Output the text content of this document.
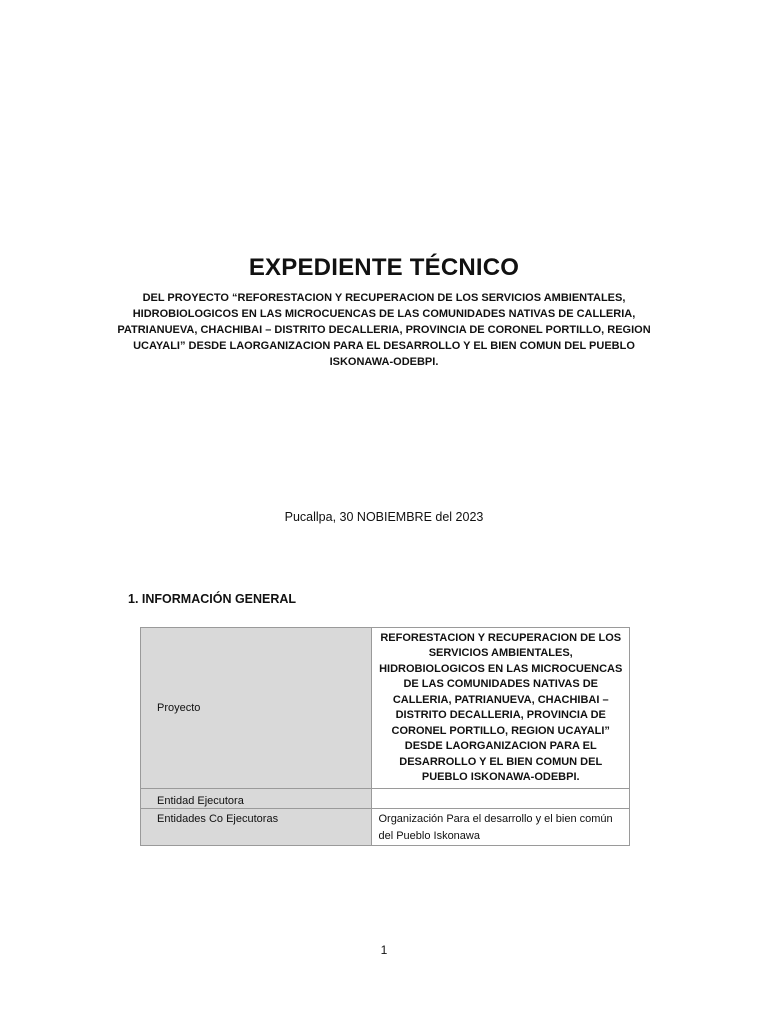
EXPEDIENTE TÉCNICO

DEL PROYECTO “REFORESTACION Y RECUPERACION DE LOS SERVICIOS AMBIENTALES, HIDROBIOLOGICOS EN LAS MICROCUENCAS DE LAS COMUNIDADES NATIVAS DE CALLERIA, PATRIANUEVA, CHACHIBAI – DISTRITO DECALLERIA, PROVINCIA DE CORONEL PORTILLO, REGION UCAYALI” DESDE LAORGANIZACION PARA EL DESARROLLO Y EL BIEN COMUN DEL PUEBLO ISKONAWA-ODEBPI.

Pucallpa, 30 NOBIEMBRE del 2023

1. INFORMACIÓN GENERAL
Proyecto	REFORESTACION Y RECUPERACION DE LOS SERVICIOS AMBIENTALES, HIDROBIOLOGICOS EN LAS MICROCUENCAS DE LAS COMUNIDADES NATIVAS DE CALLERIA, PATRIANUEVA, CHACHIBAI – DISTRITO DECALLERIA, PROVINCIA DE CORONEL PORTILLO, REGION UCAYALI” DESDE LAORGANIZACION PARA EL DESARROLLO Y EL BIEN COMUN DEL PUEBLO ISKONAWA-ODEBPI.

Entidad Ejecutora	
Entidades Co Ejecutoras	Organización Para el desarrollo y el bien común del Pueblo Iskonawa

1
